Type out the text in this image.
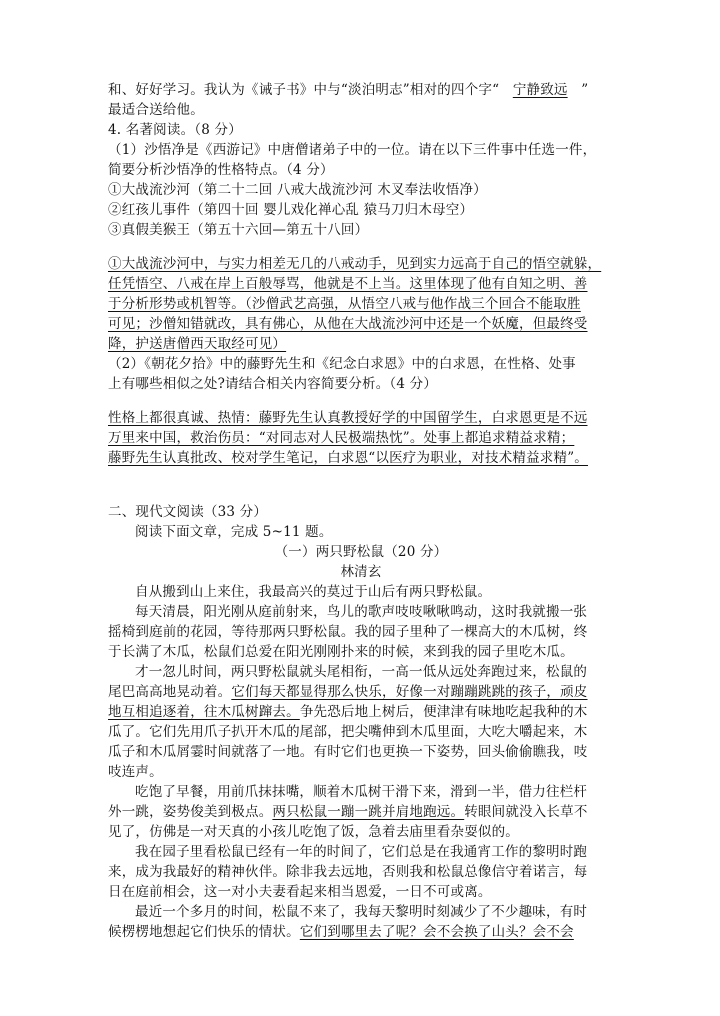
和、好好学习。我认为《诫子书》中与“淡泊明志”相对的四个字“ 宁静致远 ”
最适合送给他。
4. 名著阅读。（8 分）
（1）沙悟净是《西游记》中唐僧诸弟子中的一位。请在以下三件事中任选一件，
简要分析沙悟净的性格特点。（4 分）
①大战流沙河（第二十二回 八戒大战流沙河 木叉奉法收悟净）
②红孩儿事件（第四十回 婴儿戏化禅心乱 猿马刀归木母空）
③真假美猴王（第五十六回—第五十八回）
①大战流沙河中，与实力相差无几的八戒动手，见到实力远高于自己的悟空就躲，
任凭悟空、八戒在岸上百般辱骂，他就是不上当。这里体现了他有自知之明、善
于分析形势或机智等。（沙僧武艺高强，从悟空八戒与他作战三个回合不能取胜
可见；沙僧知错就改，具有佛心，从他在大战流沙河中还是一个妖魔，但最终受
降，护送唐僧西天取经可见）
（2）《朝花夕拾》中的藤野先生和《纪念白求恩》中的白求恩，在性格、处事
上有哪些相似之处?请结合相关内容简要分析。（4 分）
性格上都很真诚、热情：藤野先生认真教授好学的中国留学生，白求恩更是不远
万里来中国，救治伤员：“对同志对人民极端热忱”。处事上都追求精益求精；
藤野先生认真批改、校对学生笔记，白求恩“以医疗为职业，对技术精益求精”。
二、现代文阅读（33 分）
阅读下面文章，完成 5~11 题。
（一）两只野松鼠（20 分）
林清玄
自从搬到山上来住，我最高兴的莫过于山后有两只野松鼠。
每天清晨，阳光刚从庭前射来，鸟儿的歌声吱吱啾啾鸣动，这时我就搬一张
摇椅到庭前的花园，等待那两只野松鼠。我的园子里种了一棵高大的木瓜树，终
于长满了木瓜，松鼠们总爱在阳光刚刚扑来的时候，来到我的园子里吃木瓜。
才一忽儿时间，两只野松鼠就头尾相衔，一高一低从远处奔跑过来，松鼠的
尾巴高高地晃动着。它们每天都显得那么快乐，好像一对蹦蹦跳跳的孩子，顽皮
地互相追逐着，往木瓜树蹿去。争先恐后地上树后，便津津有味地吃起我种的木
瓜了。它们先用爪子扒开木瓜的尾部，把尖嘴伸到木瓜里面，大吃大嚼起来，木
瓜子和木瓜屑霎时间就落了一地。有时它们也更换一下姿势，回头偷偷瞧我，吱
吱连声。
吃饱了早餐，用前爪抹抹嘴，顺着木瓜树干滑下来，滑到一半，借力往栏杆
外一跳，姿势俊美到极点。两只松鼠一蹦一跳并肩地跑远。转眼间就没入长草不
见了，仿佛是一对天真的小孩儿吃饱了饭，急着去庙里看杂耍似的。
我在园子里看松鼠已经有一年的时间了，它们总是在我通宵工作的黎明时跑
来，成为我最好的精神伙伴。除非我去远地，否则我和松鼠总像信守着诺言，每
日在庭前相会，这一对小夫妻看起来相当恩爱，一日不可或离。
最近一个多月的时间，松鼠不来了，我每天黎明时刻减少了不少趣味，有时
候楞楞地想起它们快乐的情状。它们到哪里去了呢？会不会换了山头？会不会
